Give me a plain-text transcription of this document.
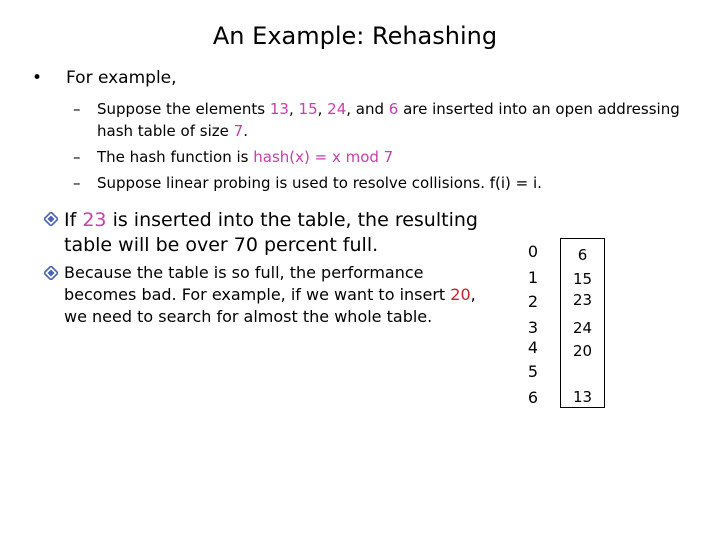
An Example: Rehashing
• For example,
– Suppose the elements 13, 15, 24, and 6 are inserted into an open addressing
hash table of size 7.
– The hash function is hash(x) = x mod 7
– Suppose linear probing is used to resolve collisions. f(i) = i.
If 23 is inserted into the table, the resulting table will be over 70 percent full.
Because the table is so full, the performance becomes bad. For example, if we want to insert 20, we need to search for almost the whole table.
0
1
2
3
4
5
6
6
15
23
24
20
13
